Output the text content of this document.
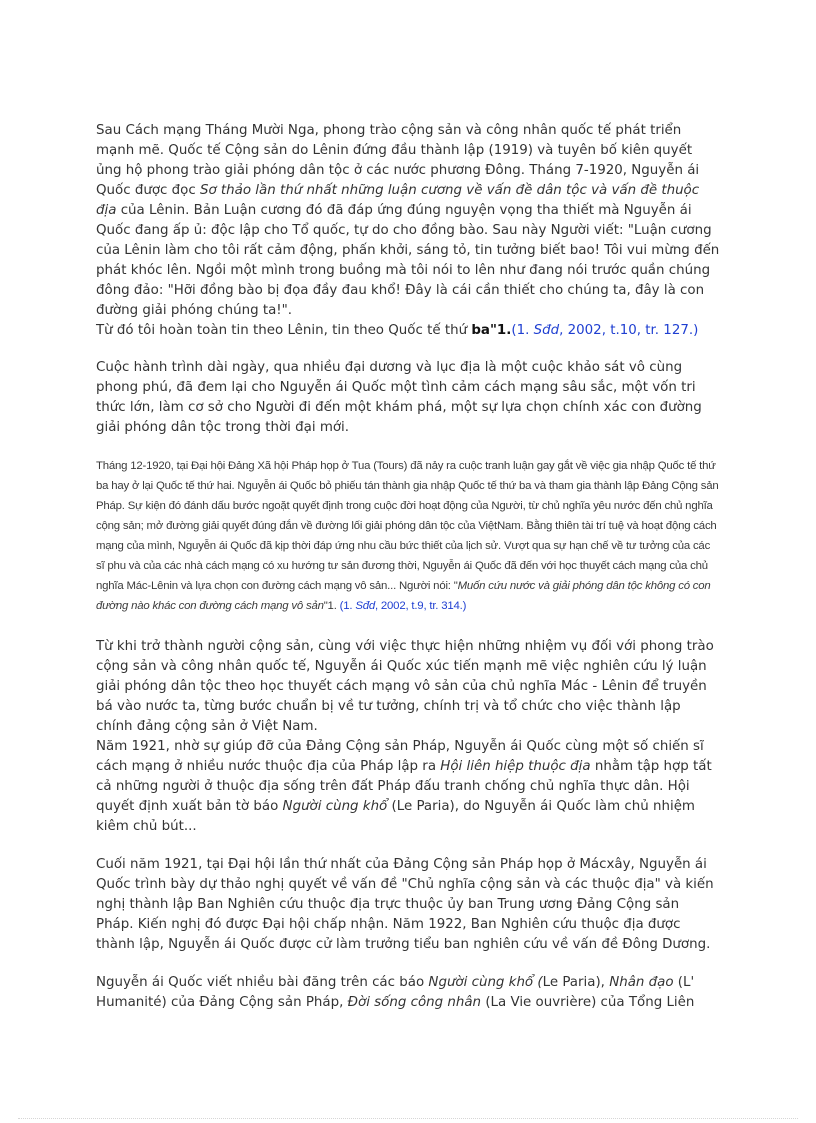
Sau Cách mạng Tháng Mười Nga, phong trào cộng sản và công nhân quốc tế phát triển mạnh mẽ. Quốc tế Cộng sản do Lênin đứng đầu thành lập (1919) và tuyên bố kiên quyết ủng hộ phong trào giải phóng dân tộc ở các nước phương Đông. Tháng 7-1920, Nguyễn ái Quốc được đọc Sơ thảo lần thứ nhất những luận cương về vấn đề dân tộc và vấn đề thuộc địa của Lênin. Bản Luận cương đó đã đáp ứng đúng nguyện vọng tha thiết mà Nguyễn ái Quốc đang ấp ủ: độc lập cho Tổ quốc, tự do cho đồng bào. Sau này Người viết: "Luận cương của Lênin làm cho tôi rất cảm động, phấn khởi, sáng tỏ, tin tưởng biết bao! Tôi vui mừng đến phát khóc lên. Ngồi một mình trong buồng mà tôi nói to lên như đang nói trước quần chúng đông đảo: "Hỡi đồng bào bị đọa đầy đau khổ! Đây là cái cần thiết cho chúng ta, đây là con đường giải phóng chúng ta!".

Từ đó tôi hoàn toàn tin theo Lênin, tin theo Quốc tế thứ ba"1.(1. Sđd, 2002, t.10, tr. 127.)

Cuộc hành trình dài ngày, qua nhiều đại dương và lục địa là một cuộc khảo sát vô cùng phong phú, đã đem lại cho Nguyễn ái Quốc một tình cảm cách mạng sâu sắc, một vốn tri thức lớn, làm cơ sở cho Người đi đến một khám phá, một sự lựa chọn chính xác con đường giải phóng dân tộc trong thời đại mới.

Tháng 12-1920, tại Đại hội Đảng Xã hội Pháp họp ở Tua (Tours) đã nảy ra cuộc tranh luận gay gắt về việc gia nhập Quốc tế thứ ba hay ở lại Quốc tế thứ hai. Nguyễn ái Quốc bỏ phiếu tán thành gia nhập Quốc tế thứ ba và tham gia thành lập Đảng Cộng sản Pháp. Sự kiện đó đánh dấu bước ngoặt quyết định trong cuộc đời hoạt động của Người, từ chủ nghĩa yêu nước đến chủ nghĩa cộng sản; mở đường giải quyết đúng đắn về đường lối giải phóng dân tộc của ViệtNam. Bằng thiên tài trí tuệ và hoạt động cách mạng của mình, Nguyễn ái Quốc đã kịp thời đáp ứng nhu cầu bức thiết của lịch sử. Vượt qua sự hạn chế về tư tưởng của các sĩ phu và của các nhà cách mạng có xu hướng tư sản đương thời, Nguyễn ái Quốc đã đến với học thuyết cách mạng của chủ nghĩa Mác-Lênin và lựa chọn con đường cách mạng vô sản... Người nói: "Muốn cứu nước và giải phóng dân tộc không có con đường nào khác con đường cách mạng vô sản"1. (1. Sđd, 2002, t.9, tr. 314.)

Từ khi trở thành người cộng sản, cùng với việc thực hiện những nhiệm vụ đối với phong trào cộng sản và công nhân quốc tế, Nguyễn ái Quốc xúc tiến mạnh mẽ việc nghiên cứu lý luận giải phóng dân tộc theo học thuyết cách mạng vô sản của chủ nghĩa Mác - Lênin để truyền bá vào nước ta, từng bước chuẩn bị về tư tưởng, chính trị và tổ chức cho việc thành lập chính đảng cộng sản ở Việt Nam.

Năm 1921, nhờ sự giúp đỡ của Đảng Cộng sản Pháp, Nguyễn ái Quốc cùng một số chiến sĩ cách mạng ở nhiều nước thuộc địa của Pháp lập ra Hội liên hiệp thuộc địa nhằm tập hợp tất cả những người ở thuộc địa sống trên đất Pháp đấu tranh chống chủ nghĩa thực dân. Hội quyết định xuất bản tờ báo Người cùng khổ (Le Paria), do Nguyễn ái Quốc làm chủ nhiệm kiêm chủ bút...

Cuối năm 1921, tại Đại hội lần thứ nhất của Đảng Cộng sản Pháp họp ở Mácxây, Nguyễn ái Quốc trình bày dự thảo nghị quyết về vấn đề "Chủ nghĩa cộng sản và các thuộc địa" và kiến nghị thành lập Ban Nghiên cứu thuộc địa trực thuộc ủy ban Trung ương Đảng Cộng sản Pháp. Kiến nghị đó được Đại hội chấp nhận. Năm 1922, Ban Nghiên cứu thuộc địa được thành lập, Nguyễn ái Quốc được cử làm trưởng tiểu ban nghiên cứu về vấn đề Đông Dương.

Nguyễn ái Quốc viết nhiều bài đăng trên các báo Người cùng khổ (Le Paria), Nhân đạo (L' Humanité) của Đảng Cộng sản Pháp, Đời sống công nhân (La Vie ouvrière) của Tổng Liên
